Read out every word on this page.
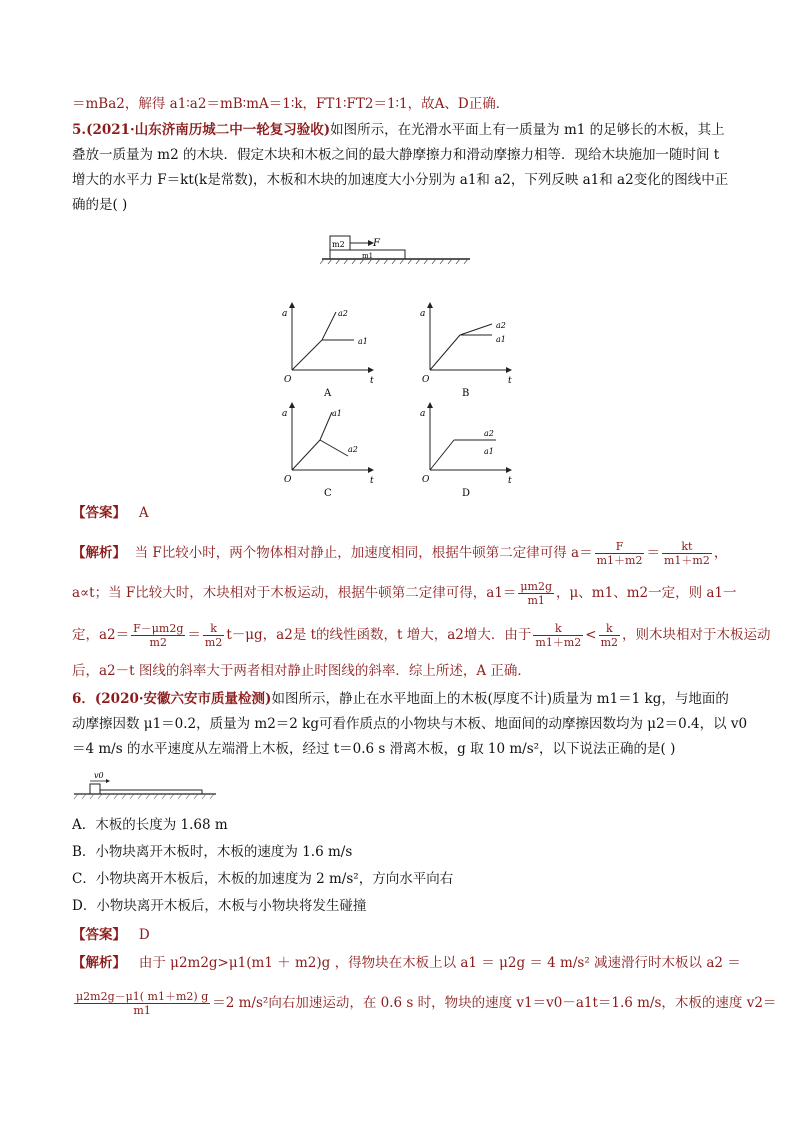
＝mBa2，解得 a1∶a2＝mB∶mA＝1∶k，FT1∶FT2＝1∶1，故A、D正确．
5.(2021·山东济南历城二中一轮复习验收)如图所示，在光滑水平面上有一质量为 m1 的足够长的木板，其上
叠放一质量为 m2 的木块．假定木块和木板之间的最大静摩擦力和滑动摩擦力相等．现给木块施加一随时间 t
增大的水平力 F＝kt(k是常数)，木板和木块的加速度大小分别为 a1和 a2，下列反映 a1和 a2变化的图线中正
确的是( )
m2	F
m1
a
t
O
a2
a1
A
a
t
O
a2
a1
B
a
t
O
a1
a2
C
a
t
O
a2
a1
D
【答案】 A
【解析】 当 F比较小时，两个物体相对静止，加速度相同，根据牛顿第二定律可得 $a= \frac{F}{m1+m2} = \frac{kt}{m1+m2}$ ，
a∝t；当 F比较大时，木块相对于木板运动，根据牛顿第二定律可得，$a1= \frac{\mu m2g}{m1}$ ，μ、m1、m2一定，则 a1一
定，$a2= \frac{F-\mu m2g}{m2} = \frac{k}{m2} t-\mu g$，a2是 t的线性函数，t 增大，a2增大．由于 $\frac{k}{m1+m2} < \frac{k}{m2}$ ，则木块相对于木板运动
后，a2－t 图线的斜率大于两者相对静止时图线的斜率．综上所述，A 正确．
6．(2020·安徽六安市质量检测)如图所示，静止在水平地面上的木板(厚度不计)质量为 m1＝1 kg，与地面的
动摩擦因数 μ1＝0.2，质量为 m2＝2 kg可看作质点的小物块与木板、地面间的动摩擦因数均为 μ2＝0.4，以 v0
＝4 m/s 的水平速度从左端滑上木板，经过 t＝0.6 s 滑离木板，g 取 10 m/s²，以下说法正确的是( )
v0
A．木板的长度为 1.68 m
B．小物块离开木板时，木板的速度为 1.6 m/s
C．小物块离开木板后，木板的加速度为 2 m/s²，方向水平向右
D．小物块离开木板后，木板与小物块将发生碰撞
【答案】 D
【解析】 由于 μ2m2g>μ1(m1 ＋ m2)g ，得物块在木板上以 a1 ＝ μ2g ＝ 4 m/s² 减速滑行时木板以 a2 ＝
$\frac{\mu 2m2g-\mu 1( m1+m2) g}{m1} =2$ m/s²向右加速运动，在 0.6 s 时，物块的速度 v1＝v0－a1t＝1.6 m/s，木板的速度 v2＝
